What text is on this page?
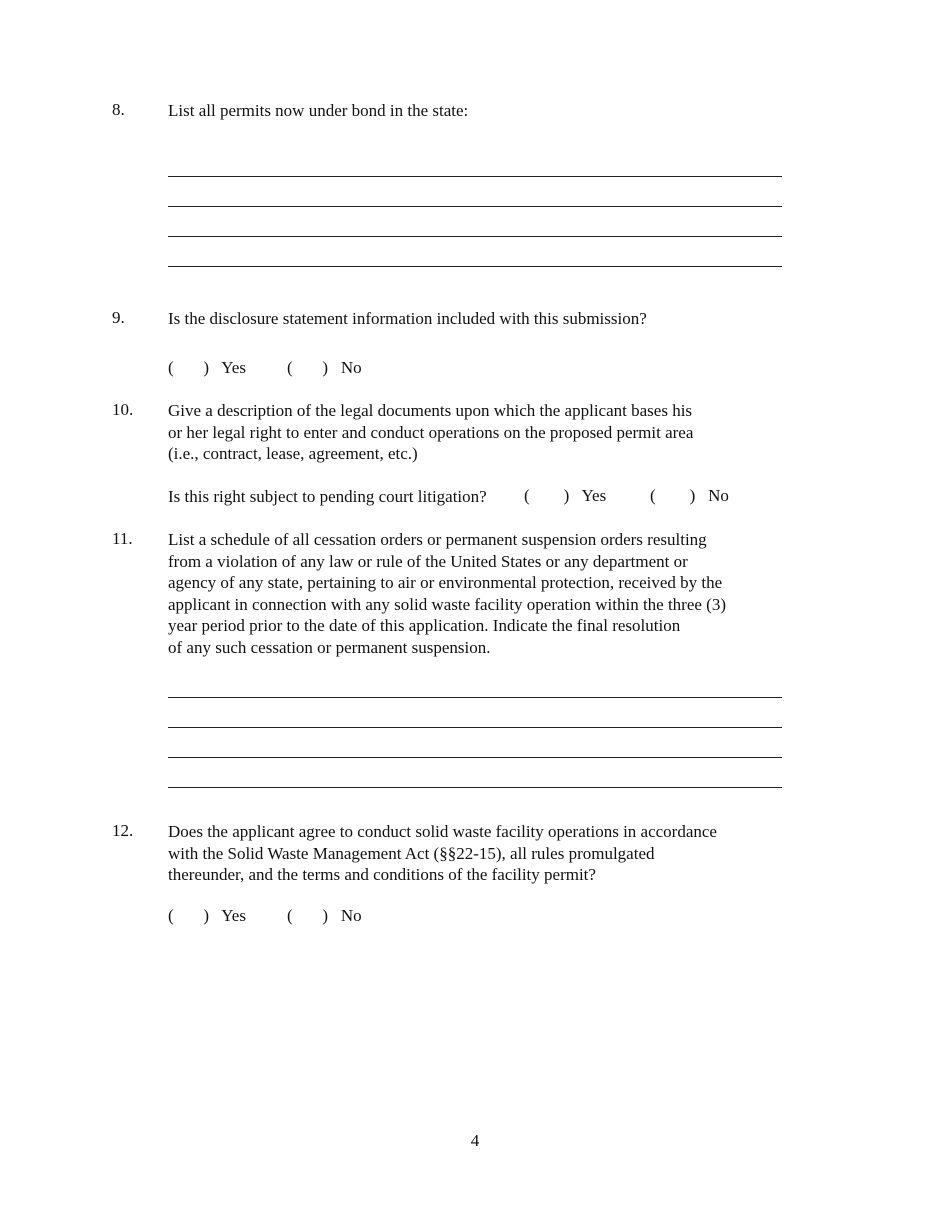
8.	List all permits now under bond in the state:
9.	Is the disclosure statement information included with this submission?
(       ) Yes (       ) No
10. Give a description of the legal documents upon which the applicant bases his
or her legal right to enter and conduct operations on the proposed permit area
(i.e., contract, lease, agreement, etc.)
Is this right subject to pending court litigation? (        ) Yes	(        ) No
11. List a schedule of all cessation orders or permanent suspension orders resulting
from a violation of any law or rule of the United States or any department or
agency of any state, pertaining to air or environmental protection, received by the
applicant in connection with any solid waste facility operation within the three (3)
year period prior to the date of this application. Indicate the final resolution
of any such cessation or permanent suspension.
12. Does the applicant agree to conduct solid waste facility operations in accordance
with the Solid Waste Management Act (§§22-15), all rules promulgated
thereunder, and the terms and conditions of the facility permit?
(       ) Yes (       ) No
4
